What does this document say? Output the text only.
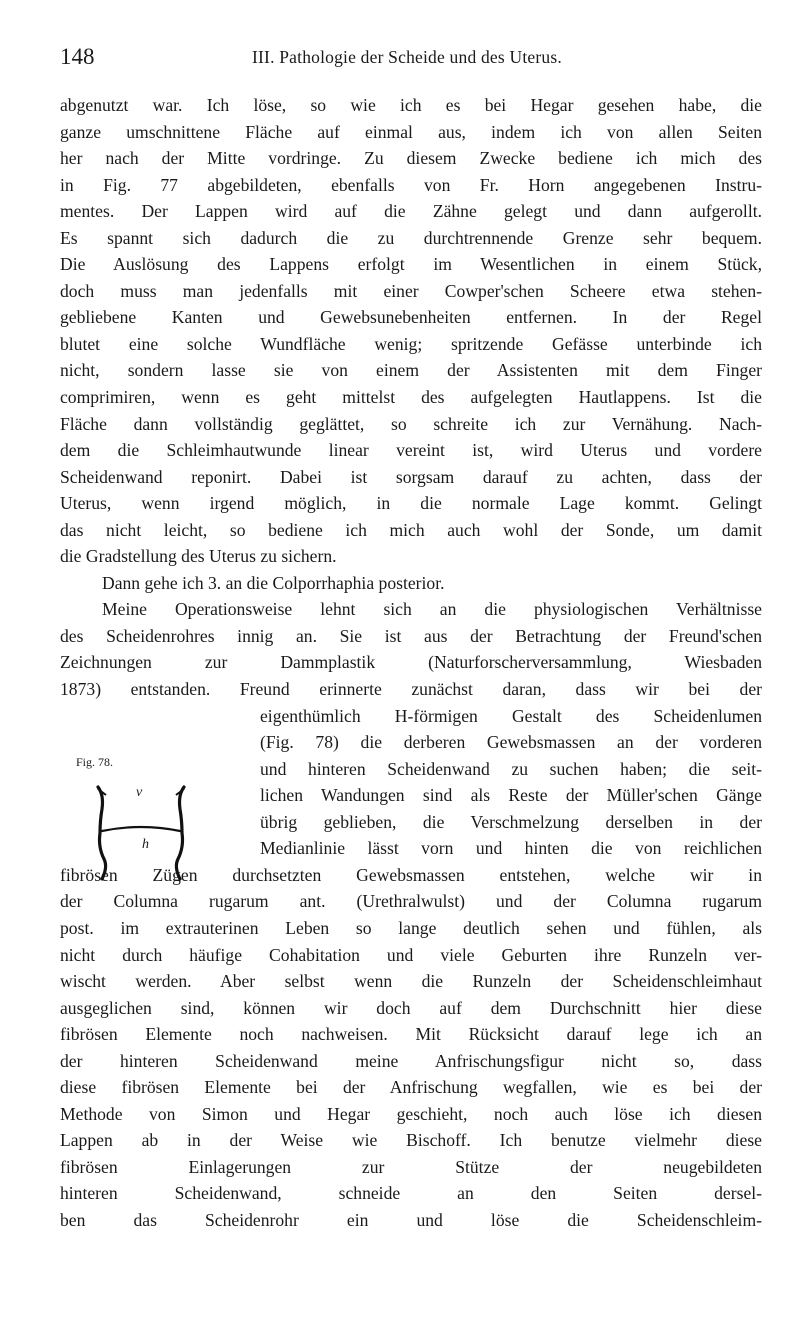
148	III. Pathologie der Scheide und des Uterus.
abgenutzt war. Ich löse, so wie ich es bei Hegar gesehen habe, die
ganze umschnittene Fläche auf einmal aus, indem ich von allen Seiten
her nach der Mitte vordringe. Zu diesem Zwecke bediene ich mich des
in Fig. 77 abgebildeten, ebenfalls von Fr. Horn angegebenen Instru-
mentes. Der Lappen wird auf die Zähne gelegt und dann aufgerollt.
Es spannt sich dadurch die zu durchtrennende Grenze sehr bequem.
Die Auslösung des Lappens erfolgt im Wesentlichen in einem Stück,
doch muss man jedenfalls mit einer Cowper'schen Scheere etwa stehen-
gebliebene Kanten und Gewebsunebenheiten entfernen. In der Regel
blutet eine solche Wundfläche wenig; spritzende Gefässe unterbinde ich
nicht, sondern lasse sie von einem der Assistenten mit dem Finger
comprimiren, wenn es geht mittelst des aufgelegten Hautlappens. Ist die
Fläche dann vollständig geglättet, so schreite ich zur Vernähung. Nach-
dem die Schleimhautwunde linear vereint ist, wird Uterus und vordere
Scheidenwand reponirt. Dabei ist sorgsam darauf zu achten, dass der
Uterus, wenn irgend möglich, in die normale Lage kommt. Gelingt
das nicht leicht, so bediene ich mich auch wohl der Sonde, um damit
die Gradstellung des Uterus zu sichern.
Dann gehe ich 3. an die Colporrhaphia posterior.
Meine Operationsweise lehnt sich an die physiologischen Verhältnisse
des Scheidenrohres innig an. Sie ist aus der Betrachtung der Freund'schen
Zeichnungen zur Dammplastik (Naturforscherversammlung, Wiesbaden
1873) entstanden. Freund erinnerte zunächst daran, dass wir bei der
eigenthümlich H-förmigen Gestalt des Scheidenlumen
(Fig. 78) die derberen Gewebsmassen an der vorderen
und hinteren Scheidenwand zu suchen haben; die seit-
lichen Wandungen sind als Reste der Müller'schen Gänge
übrig geblieben, die Verschmelzung derselben in der
Medianlinie lässt vorn und hinten die von reichlichen
fibrösen Zügen durchsetzten Gewebsmassen entstehen, welche wir in
der Columna rugarum ant. (Urethralwulst) und der Columna rugarum
post. im extrauterinen Leben so lange deutlich sehen und fühlen, als
nicht durch häufige Cohabitation und viele Geburten ihre Runzeln ver-
wischt werden. Aber selbst wenn die Runzeln der Scheidenschleimhaut
ausgeglichen sind, können wir doch auf dem Durchschnitt hier diese
fibrösen Elemente noch nachweisen. Mit Rücksicht darauf lege ich an
der hinteren Scheidenwand meine Anfrischungsfigur nicht so, dass
diese fibrösen Elemente bei der Anfrischung wegfallen, wie es bei der
Methode von Simon und Hegar geschieht, noch auch löse ich diesen
Lappen ab in der Weise wie Bischoff. Ich benutze vielmehr diese
fibrösen Einlagerungen zur Stütze der neugebildeten
hinteren Scheidenwand, schneide an den Seiten dersel-
ben das Scheidenrohr ein und löse die Scheidenschleim-
Fig. 78.
v
h
